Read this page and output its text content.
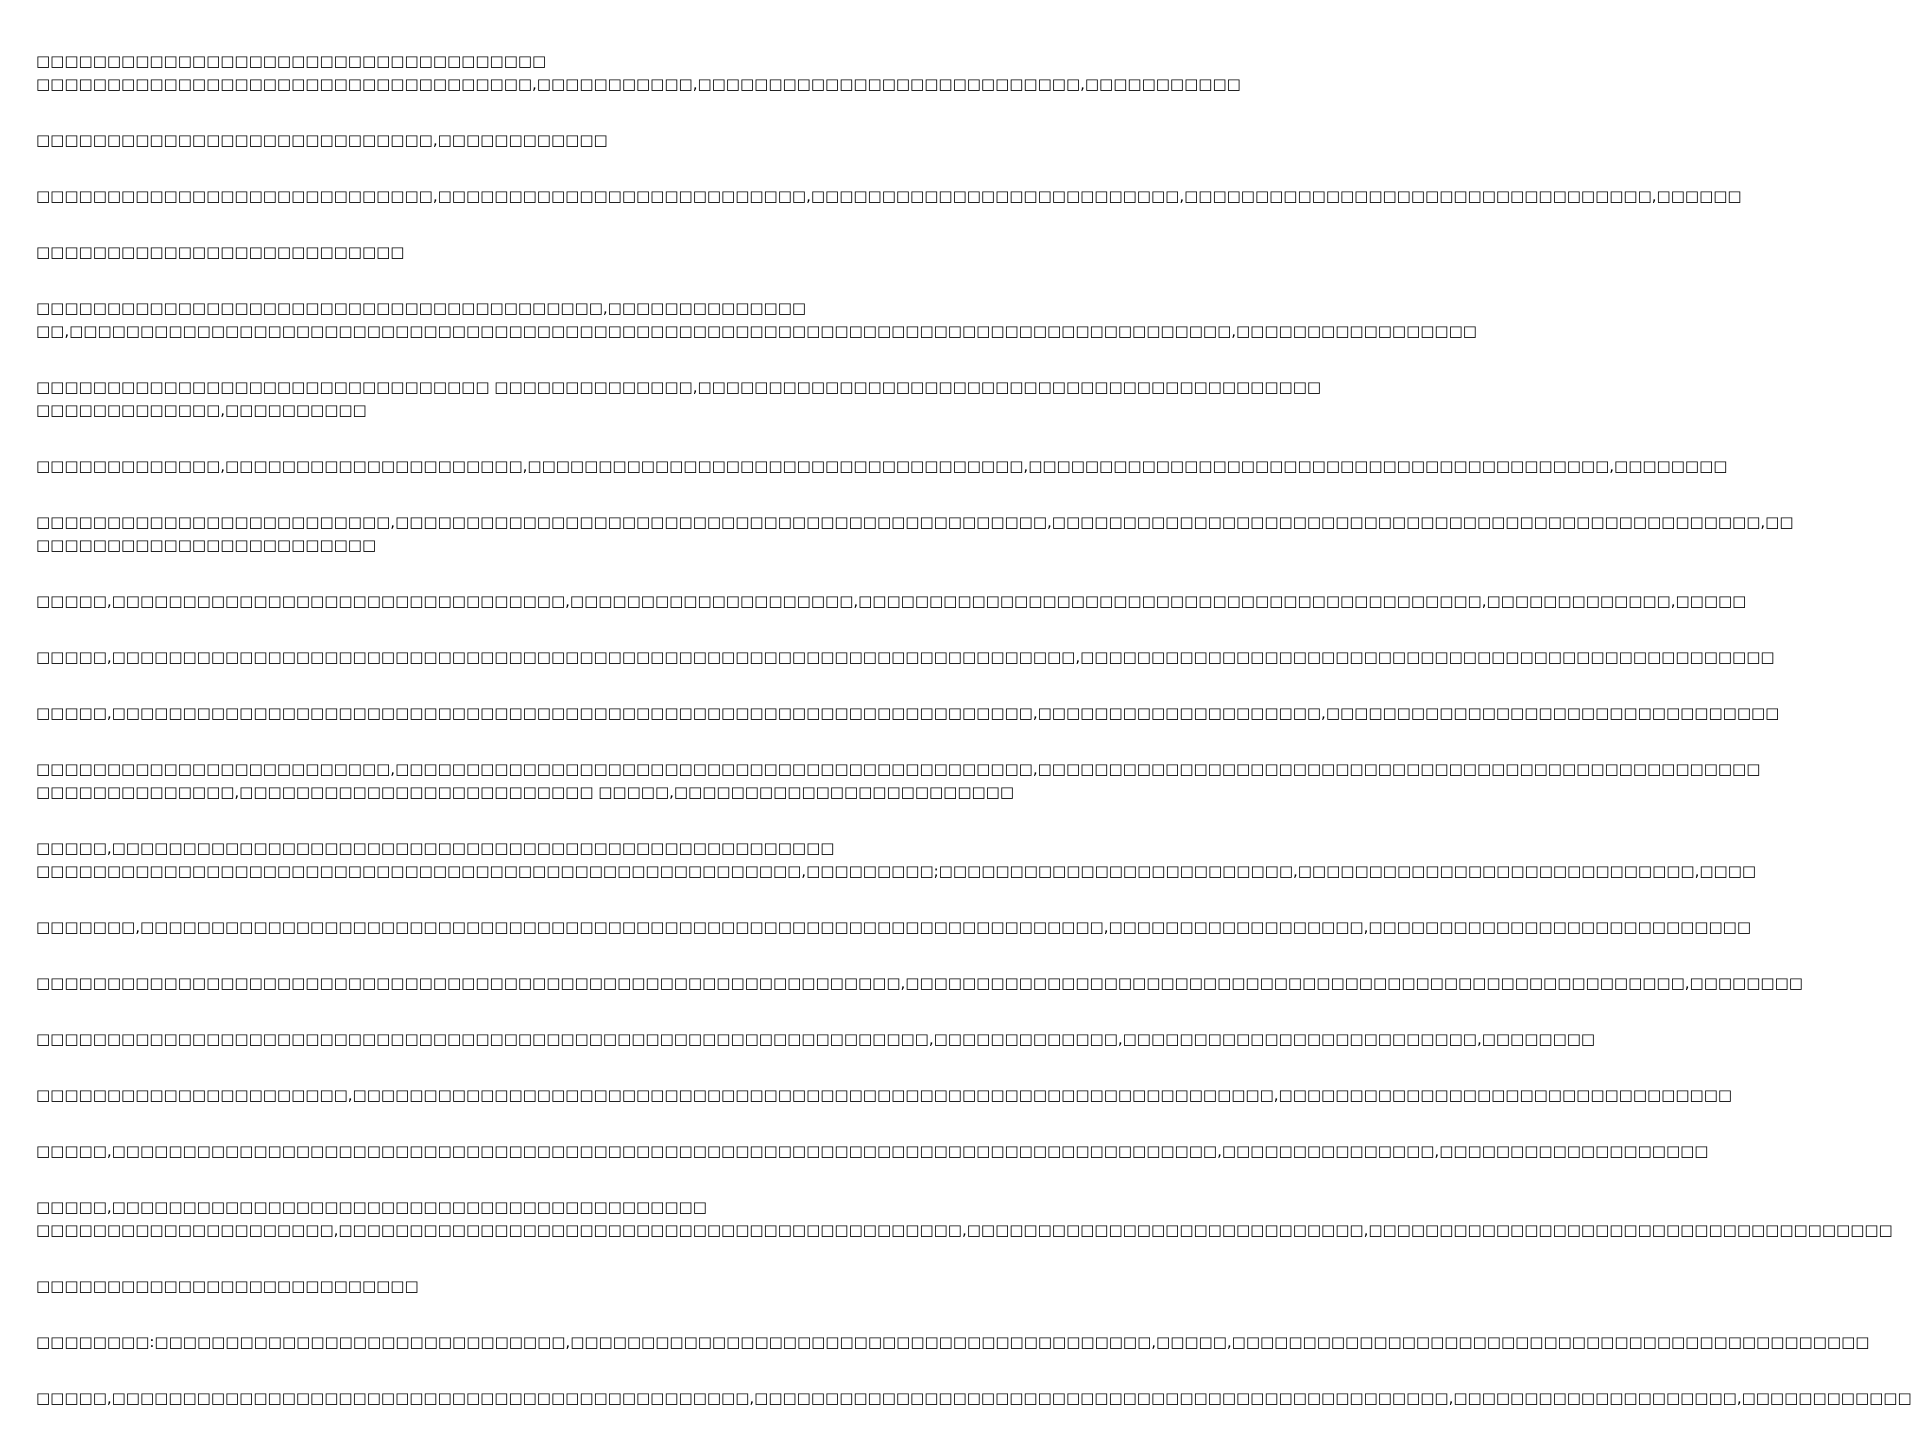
□□□□□□□□□□□□□□□□□□□□□□□□□□□□□□□□□□□□
□□□□□□□□□□□□□□□□□□□□□□□□□□□□□□□□□□□,□□□□□□□□□□□,□□□□□□□□□□□□□□□□□□□□□□□□□□□,□□□□□□□□□□□
□□□□□□□□□□□□□□□□□□□□□□□□□□□□,□□□□□□□□□□□□
□□□□□□□□□□□□□□□□□□□□□□□□□□□□,□□□□□□□□□□□□□□□□□□□□□□□□□□,□□□□□□□□□□□□□□□□□□□□□□□□□□,□□□□□□□□□□□□□□□□□□□□□□□□□□□□□□□□□,□□□□□□
□□□□□□□□□□□□□□□□□□□□□□□□□□
□□□□□□□□□□□□□□□□□□□□□□□□□□□□□□□□□□□□□□□□,□□□□□□□□□□□□□□
□□,□□□□□□□□□□□□□□□□□□□□□□□□□□□□□□□□□□□□□□□□□□□□□□□□□□□□□□□□□□□□□□□□□□□□□□□□□□□□□□□□□□,□□□□□□□□□□□□□□□□□
□□□□□□□□□□□□□□□□□□□□□□□□□□□□□□□□ □□□□□□□□□□□□□□,□□□□□□□□□□□□□□□□□□□□□□□□□□□□□□□□□□□□□□□□□□□□
□□□□□□□□□□□□□,□□□□□□□□□□
□□□□□□□□□□□□□,□□□□□□□□□□□□□□□□□□□□□,□□□□□□□□□□□□□□□□□□□□□□□□□□□□□□□□□□□,□□□□□□□□□□□□□□□□□□□□□□□□□□□□□□□□□□□□□□□□□,□□□□□□□□
□□□□□□□□□□□□□□□□□□□□□□□□□,□□□□□□□□□□□□□□□□□□□□□□□□□□□□□□□□□□□□□□□□□□□□□□,□□□□□□□□□□□□□□□□□□□□□□□□□□□□□□□□□□□□□□□□□□□□□□□□□□,□□
□□□□□□□□□□□□□□□□□□□□□□□□
□□□□□,□□□□□□□□□□□□□□□□□□□□□□□□□□□□□□□□,□□□□□□□□□□□□□□□□□□□□,□□□□□□□□□□□□□□□□□□□□□□□□□□□□□□□□□□□□□□□□□□□□,□□□□□□□□□□□□□,□□□□□
□□□□□,□□□□□□□□□□□□□□□□□□□□□□□□□□□□□□□□□□□□□□□□□□□□□□□□□□□□□□□□□□□□□□□□□□□□,□□□□□□□□□□□□□□□□□□□□□□□□□□□□□□□□□□□□□□□□□□□□□□□□□
□□□□□,□□□□□□□□□□□□□□□□□□□□□□□□□□□□□□□□□□□□□□□□□□□□□□□□□□□□□□□□□□□□□□□□□,□□□□□□□□□□□□□□□□□□□□,□□□□□□□□□□□□□□□□□□□□□□□□□□□□□□□□
□□□□□□□□□□□□□□□□□□□□□□□□□,□□□□□□□□□□□□□□□□□□□□□□□□□□□□□□□□□□□□□□□□□□□□□,□□□□□□□□□□□□□□□□□□□□□□□□□□□□□□□□□□□□□□□□□□□□□□□□□□□
□□□□□□□□□□□□□□,□□□□□□□□□□□□□□□□□□□□□□□□□ □□□□□,□□□□□□□□□□□□□□□□□□□□□□□□
□□□□□,□□□□□□□□□□□□□□□□□□□□□□□□□□□□□□□□□□□□□□□□□□□□□□□□□□□
□□□□□□□□□□□□□□□□□□□□□□□□□□□□□□□□□□□□□□□□□□□□□□□□□□□□□□,□□□□□□□□□;□□□□□□□□□□□□□□□□□□□□□□□□□,□□□□□□□□□□□□□□□□□□□□□□□□□□□□,□□□□
□□□□□□□,□□□□□□□□□□□□□□□□□□□□□□□□□□□□□□□□□□□□□□□□□□□□□□□□□□□□□□□□□□□□□□□□□□□□,□□□□□□□□□□□□□□□□□□,□□□□□□□□□□□□□□□□□□□□□□□□□□□
□□□□□□□□□□□□□□□□□□□□□□□□□□□□□□□□□□□□□□□□□□□□□□□□□□□□□□□□□□□□□,□□□□□□□□□□□□□□□□□□□□□□□□□□□□□□□□□□□□□□□□□□□□□□□□□□□□□□□,□□□□□□□□
□□□□□□□□□□□□□□□□□□□□□□□□□□□□□□□□□□□□□□□□□□□□□□□□□□□□□□□□□□□□□□□,□□□□□□□□□□□□□,□□□□□□□□□□□□□□□□□□□□□□□□□,□□□□□□□□
□□□□□□□□□□□□□□□□□□□□□□,□□□□□□□□□□□□□□□□□□□□□□□□□□□□□□□□□□□□□□□□□□□□□□□□□□□□□□□□□□□□□□□□□,□□□□□□□□□□□□□□□□□□□□□□□□□□□□□□□□
□□□□□,□□□□□□□□□□□□□□□□□□□□□□□□□□□□□□□□□□□□□□□□□□□□□□□□□□□□□□□□□□□□□□□□□□□□□□□□□□□□□□,□□□□□□□□□□□□□□□,□□□□□□□□□□□□□□□□□□□
□□□□□,□□□□□□□□□□□□□□□□□□□□□□□□□□□□□□□□□□□□□□□□□□
□□□□□□□□□□□□□□□□□□□□□,□□□□□□□□□□□□□□□□□□□□□□□□□□□□□□□□□□□□□□□□□□□□,□□□□□□□□□□□□□□□□□□□□□□□□□□□□,□□□□□□□□□□□□□□□□□□□□□□□□□□□□□□□□□□□□□
□□□□□□□□□□□□□□□□□□□□□□□□□□□
□□□□□□□□:□□□□□□□□□□□□□□□□□□□□□□□□□□□□□,□□□□□□□□□□□□□□□□□□□□□□□□□□□□□□□□□□□□□□□□□,□□□□□,□□□□□□□□□□□□□□□□□□□□□□□□□□□□□□□□□□□□□□□□□□□□□
□□□□□,□□□□□□□□□□□□□□□□□□□□□□□□□□□□□□□□□□□□□□□□□□□□□,□□□□□□□□□□□□□□□□□□□□□□□□□□□□□□□□□□□□□□□□□□□□□□□□□,□□□□□□□□□□□□□□□□□□□□,□□□□□□□□□□□□
